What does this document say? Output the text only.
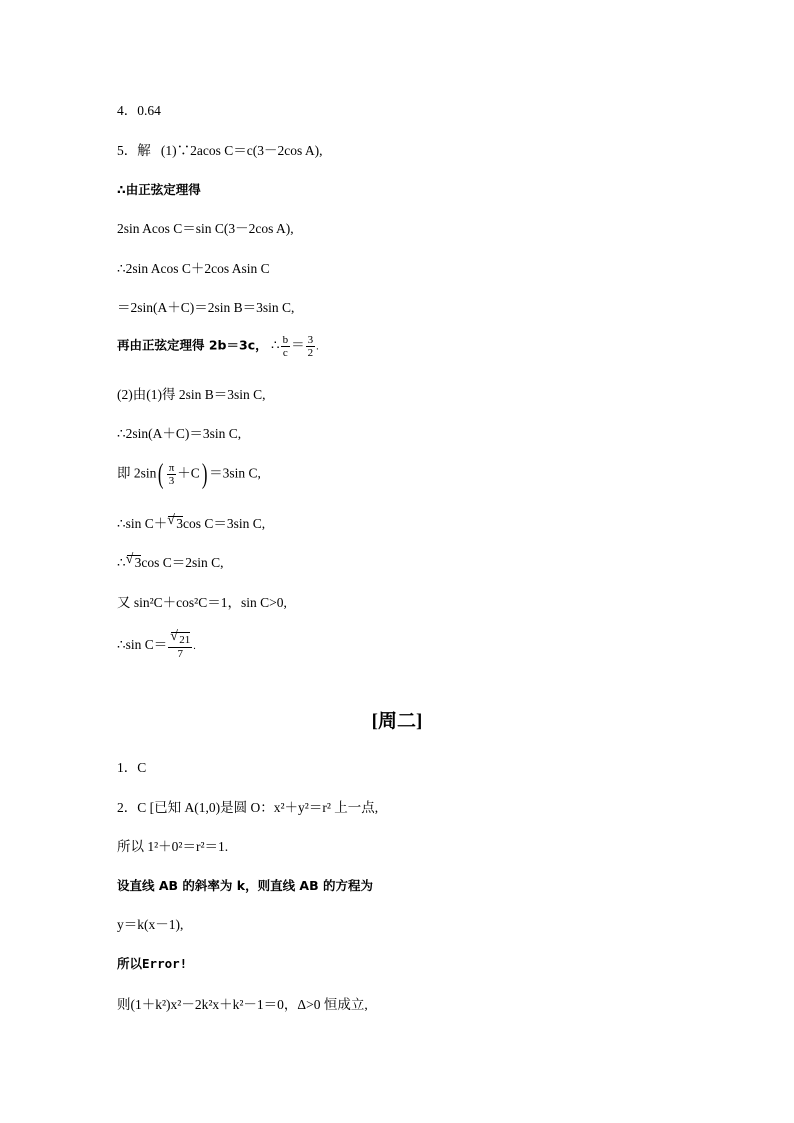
4．0.64
5．解 (1)∵2acos C＝c(3－2cos A),
∴由正弦定理得
2sin Acos C＝sin C(3－2cos A),
∴2sin Acos C＋2cos Asin C
＝2sin(A＋C)＝2sin B＝3sin C,
再由正弦定理得 2b＝3c， ∴ $\frac{b}{c} = \frac{3}{2}$ .
(2)由(1)得 2sin B＝3sin C,
∴2sin(A＋C)＝3sin C,
即 $2\sin( \frac{\pi}{3} +C) =3\sin$ C,
∴sin C＋ √ 3cos C＝3sin C,
∴ √ 3cos C＝2sin C,
又 sin²C＋cos²C＝1，sin C>0,
∴sin C＝ √ $\frac{21}{7}$ .
[周二]
1．C
2．C [已知 A(1,0)是圆 O：x²＋y²＝r² 上一点,
所以 1²＋0²＝r²＝1.
设直线 AB 的斜率为 k，则直线 AB 的方程为
y＝k(x－1),
所以Error!
则(1＋k²)x²－2k²x＋k²－1＝0，Δ>0 恒成立,
